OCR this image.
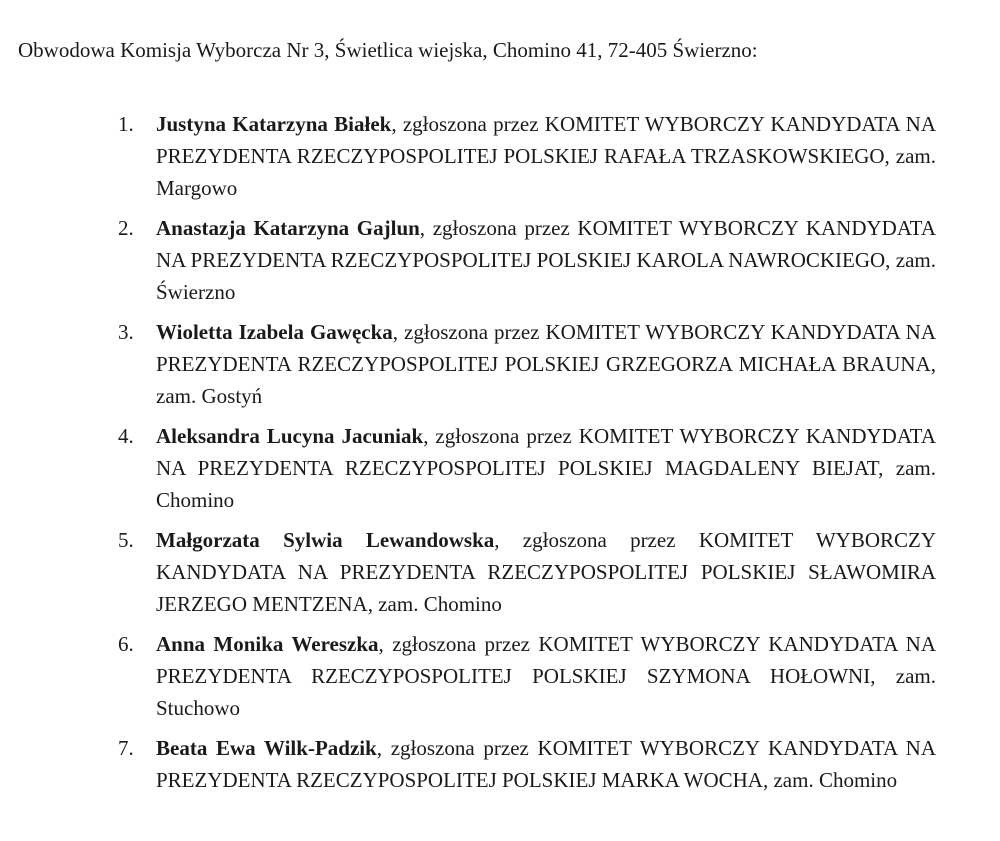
Obwodowa Komisja Wyborcza Nr 3, Świetlica wiejska, Chomino 41, 72-405 Świerzno:
1. Justyna Katarzyna Białek, zgłoszona przez KOMITET WYBORCZY KANDYDATA NA PREZYDENTA RZECZYPOSPOLITEJ POLSKIEJ RAFAŁA TRZASKOWSKIEGO, zam. Margowo
2. Anastazja Katarzyna Gajlun, zgłoszona przez KOMITET WYBORCZY KANDYDATA NA PREZYDENTA RZECZYPOSPOLITEJ POLSKIEJ KAROLA NAWROCKIEGO, zam. Świerzno
3. Wioletta Izabela Gawęcka, zgłoszona przez KOMITET WYBORCZY KANDYDATA NA PREZYDENTA RZECZYPOSPOLITEJ POLSKIEJ GRZEGORZA MICHAŁA BRAUNA, zam. Gostyń
4. Aleksandra Lucyna Jacuniak, zgłoszona przez KOMITET WYBORCZY KANDYDATA NA PREZYDENTA RZECZYPOSPOLITEJ POLSKIEJ MAGDALENY BIEJAT, zam. Chomino
5. Małgorzata Sylwia Lewandowska, zgłoszona przez KOMITET WYBORCZY KANDYDATA NA PREZYDENTA RZECZYPOSPOLITEJ POLSKIEJ SŁAWOMIRA JERZEGO MENTZENA, zam. Chomino
6. Anna Monika Wereszka, zgłoszona przez KOMITET WYBORCZY KANDYDATA NA PREZYDENTA RZECZYPOSPOLITEJ POLSKIEJ SZYMONA HOŁOWNI, zam. Stuchowo
7. Beata Ewa Wilk-Padzik, zgłoszona przez KOMITET WYBORCZY KANDYDATA NA PREZYDENTA RZECZYPOSPOLITEJ POLSKIEJ MARKA WOCHA, zam. Chomino
